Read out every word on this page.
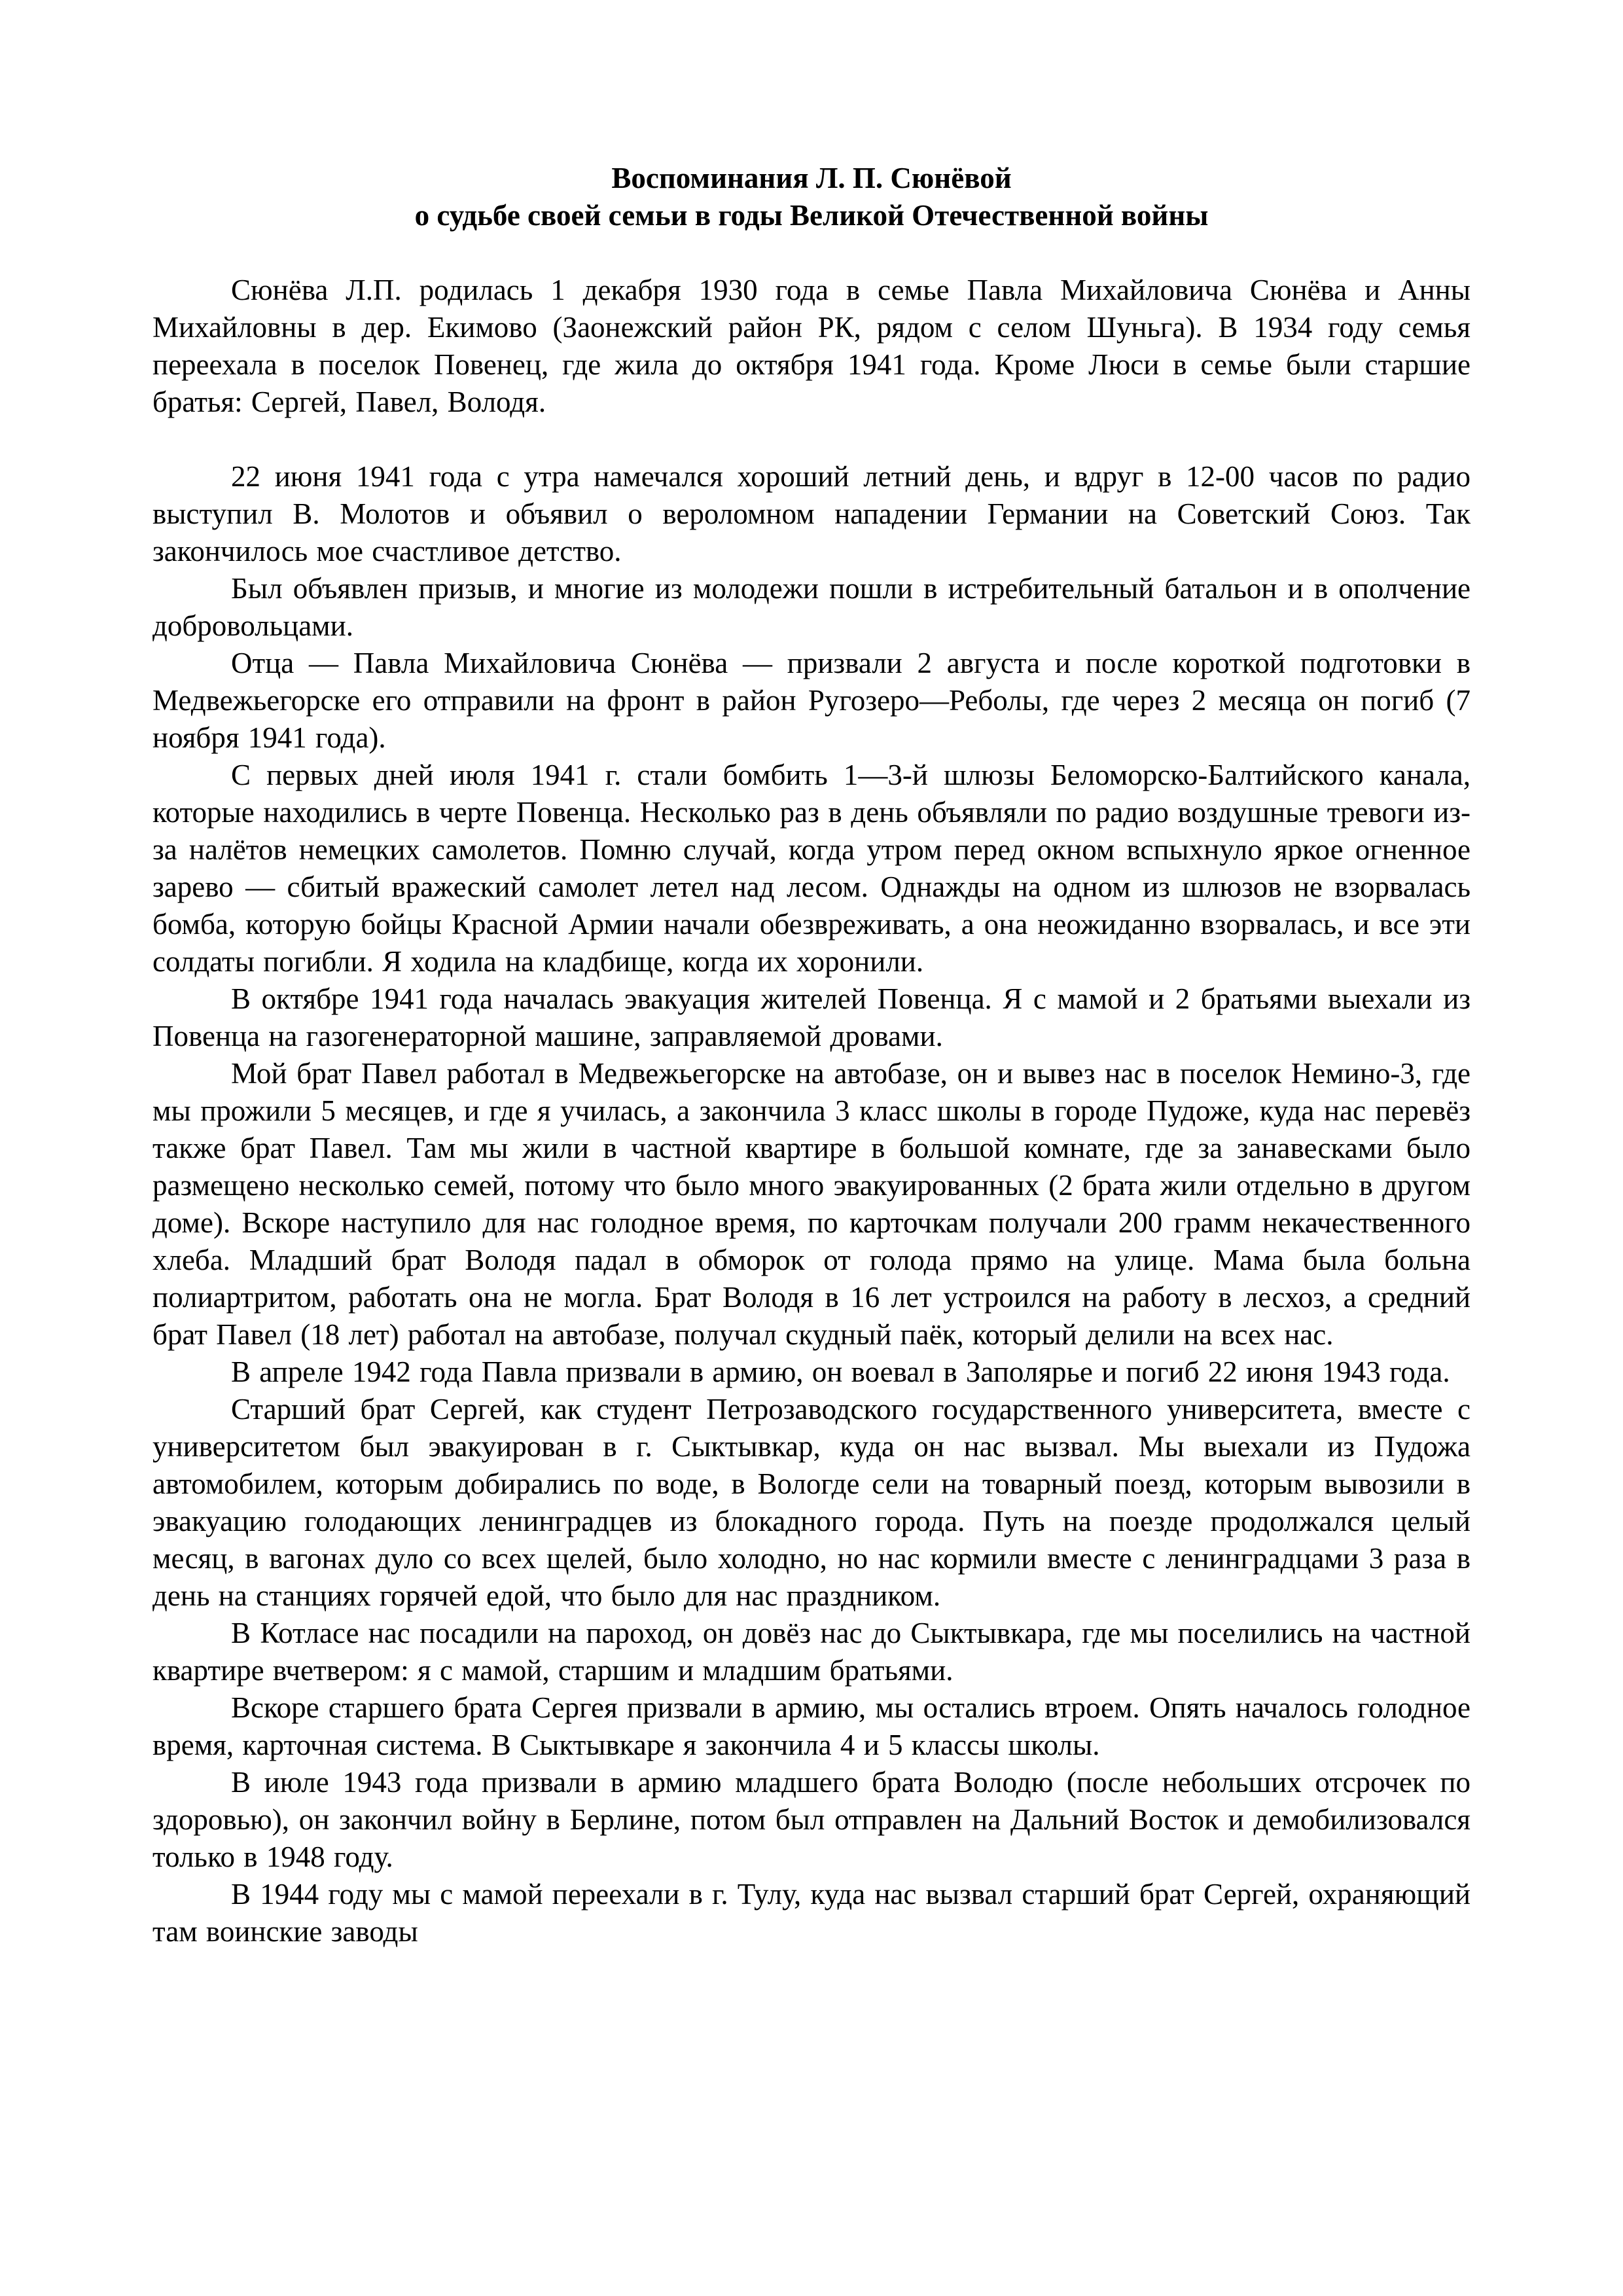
Воспоминания Л. П. Сюнёвой
о судьбе своей семьи в годы Великой Отечественной войны

Сюнёва Л.П. родилась 1 декабря 1930 года в семье Павла Михайловича Сюнёва и Анны Михайловны в дер. Екимово (Заонежский район РК, рядом с селом Шуньга). В 1934 году семья переехала в поселок Повенец, где жила до октября 1941 года. Кроме Люси в семье были старшие братья: Сергей, Павел, Володя.

22 июня 1941 года с утра намечался хороший летний день, и вдруг в 12-00 часов по радио выступил В. Молотов и объявил о вероломном нападении Германии на Советский Союз. Так закончилось мое счастливое детство.

Был объявлен призыв, и многие из молодежи пошли в истребительный батальон и в ополчение добровольцами.

Отца — Павла Михайловича Сюнёва — призвали 2 августа и после короткой подготовки в Медвежьегорске его отправили на фронт в район Ругозеро—Реболы, где через 2 месяца он погиб (7 ноября 1941 года).

С первых дней июля 1941 г. стали бомбить 1—3-й шлюзы Беломорско-Балтийского канала, которые находились в черте Повенца. Несколько раз в день объявляли по радио воздушные тревоги из-за налётов немецких самолетов. Помню случай, когда утром перед окном вспыхнуло яркое огненное зарево — сбитый вражеский самолет летел над лесом. Однажды на одном из шлюзов не взорвалась бомба, которую бойцы Красной Армии начали обезвреживать, а она неожиданно взорвалась, и все эти солдаты погибли. Я ходила на кладбище, когда их хоронили.

В октябре 1941 года началась эвакуация жителей Повенца. Я с мамой и 2 братьями выехали из Повенца на газогенераторной машине, заправляемой дровами.

Мой брат Павел работал в Медвежьегорске на автобазе, он и вывез нас в поселок Немино-3, где мы прожили 5 месяцев, и где я училась, а закончила 3 класс школы в городе Пудоже, куда нас перевёз также брат Павел. Там мы жили в частной квартире в большой комнате, где за занавесками было размещено несколько семей, потому что было много эвакуированных (2 брата жили отдельно в другом доме). Вскоре наступило для нас голодное время, по карточкам получали 200 грамм некачественного хлеба. Младший брат Володя падал в обморок от голода прямо на улице. Мама была больна полиартритом, работать она не могла. Брат Володя в 16 лет устроился на работу в лесхоз, а средний брат Павел (18 лет) работал на автобазе, получал скудный паёк, который делили на всех нас.

В апреле 1942 года Павла призвали в армию, он воевал в Заполярье и погиб 22 июня 1943 года.

Старший брат Сергей, как студент Петрозаводского государственного университета, вместе с университетом был эвакуирован в г. Сыктывкар, куда он нас вызвал. Мы выехали из Пудожа автомобилем, которым добирались по воде, в Вологде сели на товарный поезд, которым вывозили в эвакуацию голодающих ленинградцев из блокадного города. Путь на поезде продолжался целый месяц, в вагонах дуло со всех щелей, было холодно, но нас кормили вместе с ленинградцами 3 раза в день на станциях горячей едой, что было для нас праздником.

В Котласе нас посадили на пароход, он довёз нас до Сыктывкара, где мы поселились на частной квартире вчетвером: я с мамой, старшим и младшим братьями.

Вскоре старшего брата Сергея призвали в армию, мы остались втроем. Опять началось голодное время, карточная система. В Сыктывкаре я закончила 4 и 5 классы школы.

В июле 1943 года призвали в армию младшего брата Володю (после небольших отсрочек по здоровью), он закончил войну в Берлине, потом был отправлен на Дальний Восток и демобилизовался только в 1948 году.

В 1944 году мы с мамой переехали в г. Тулу, куда нас вызвал старший брат Сергей, охраняющий там воинские заводы
